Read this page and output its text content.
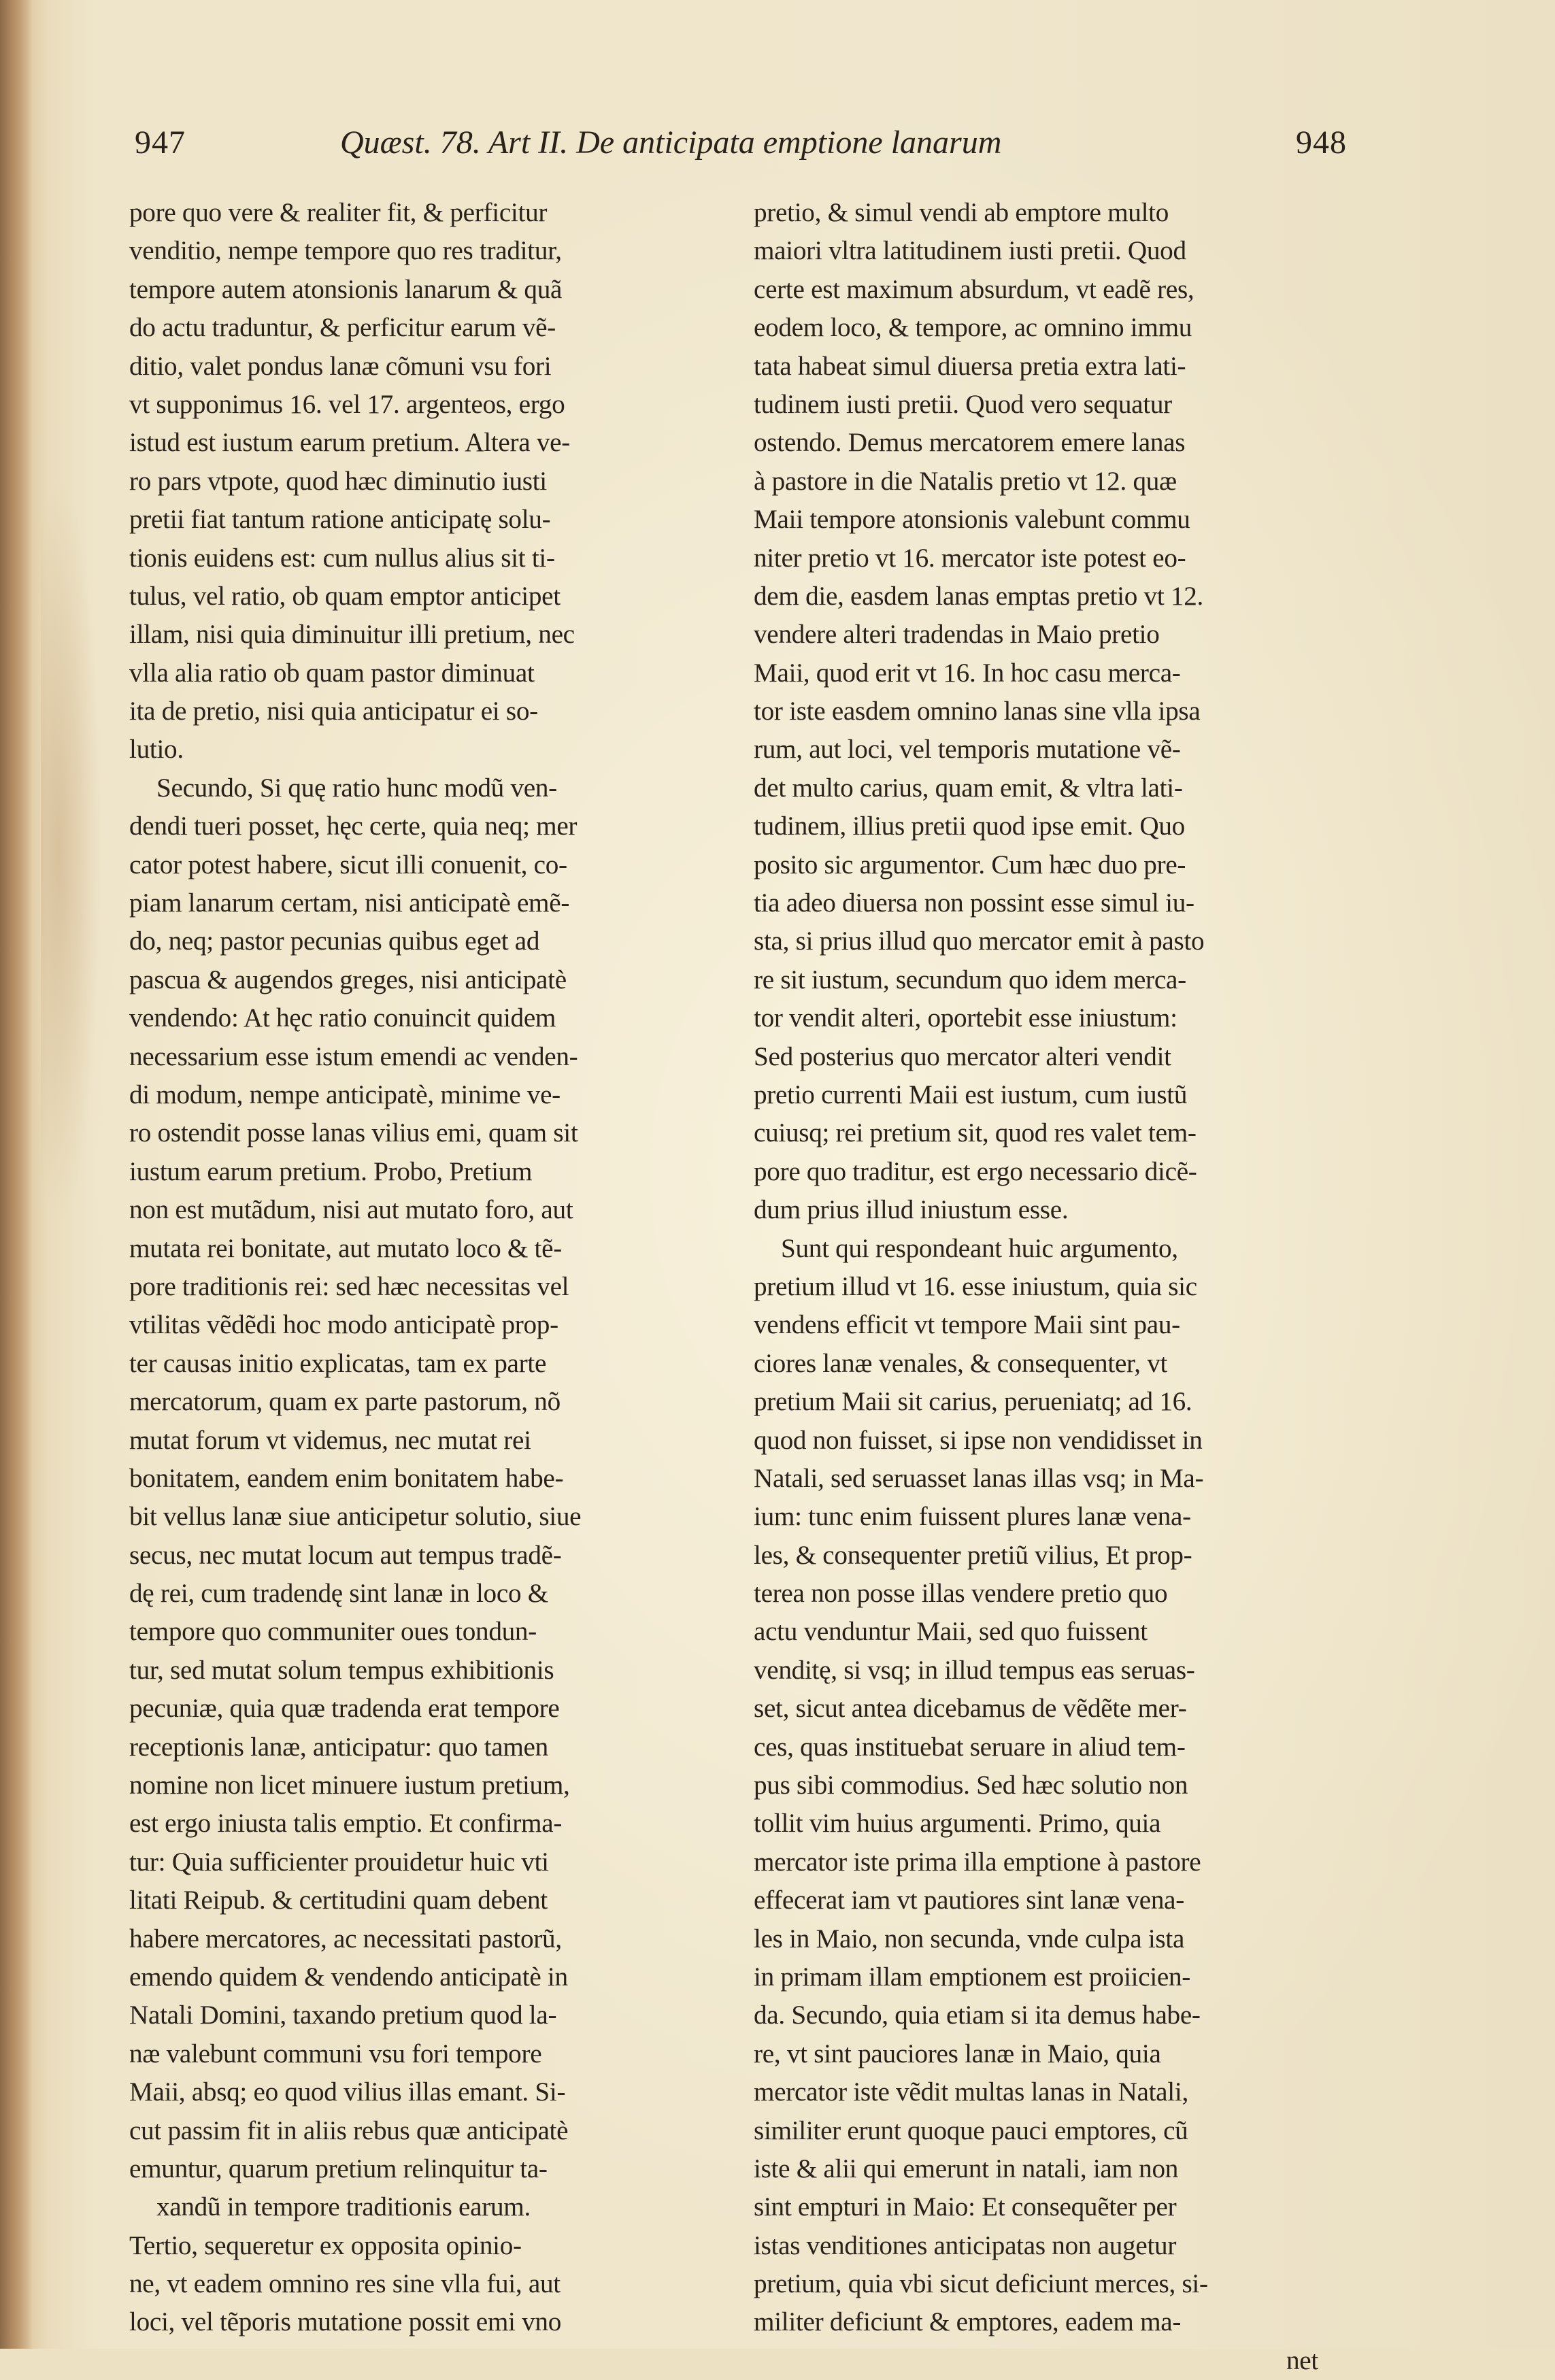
947	Quæst. 78. Art II. De anticipata emptione lanarum	948
pore quo vere & realiter fit, & perficitur
venditio, nempe tempore quo res traditur,
tempore autem atonsionis lanarum & quã
do actu traduntur, & perficitur earum vẽ-
ditio, valet pondus lanæ cõmuni vsu fori
vt supponimus 16. vel 17. argenteos, ergo
istud est iustum earum pretium. Altera ve-
ro pars vtpote, quod hæc diminutio iusti
pretii fiat tantum ratione anticipatę solu-
tionis euidens est: cum nullus alius sit ti-
tulus, vel ratio, ob quam emptor anticipet
illam, nisi quia diminuitur illi pretium, nec
vlla alia ratio ob quam pastor diminuat
ita de pretio, nisi quia anticipatur ei so-
lutio.
Secundo, Si quę ratio hunc modũ ven-
dendi tueri posset, hęc certe, quia neq; mer
cator potest habere, sicut illi conuenit, co-
piam lanarum certam, nisi anticipatè emẽ-
do, neq; pastor pecunias quibus eget ad
pascua & augendos greges, nisi anticipatè
vendendo: At hęc ratio conuincit quidem
necessarium esse istum emendi ac venden-
di modum, nempe anticipatè, minime ve-
ro ostendit posse lanas vilius emi, quam sit
iustum earum pretium. Probo, Pretium
non est mutãdum, nisi aut mutato foro, aut
mutata rei bonitate, aut mutato loco & tẽ-
pore traditionis rei: sed hæc necessitas vel
vtilitas vẽdẽdi hoc modo anticipatè prop-
ter causas initio explicatas, tam ex parte
mercatorum, quam ex parte pastorum, nõ
mutat forum vt videmus, nec mutat rei
bonitatem, eandem enim bonitatem habe-
bit vellus lanæ siue anticipetur solutio, siue
secus, nec mutat locum aut tempus tradẽ-
dę rei, cum tradendę sint lanæ in loco &
tempore quo communiter oues tondun-
tur, sed mutat solum tempus exhibitionis
pecuniæ, quia quæ tradenda erat tempore
receptionis lanæ, anticipatur: quo tamen
nomine non licet minuere iustum pretium,
est ergo iniusta talis emptio. Et confirma-
tur: Quia sufficienter prouidetur huic vti
litati Reipub. & certitudini quam debent
habere mercatores, ac necessitati pastorũ,
emendo quidem & vendendo anticipatè in
Natali Domini, taxando pretium quod la-
næ valebunt communi vsu fori tempore
Maii, absq; eo quod vilius illas emant. Si-
cut passim fit in aliis rebus quæ anticipatè
emuntur, quarum pretium relinquitur ta-
xandũ in tempore traditionis earum.
Tertio, sequeretur ex opposita opinio-
ne, vt eadem omnino res sine vlla fui, aut
loci, vel tẽporis mutatione possit emi vno
pretio, & simul vendi ab emptore multo
maiori vltra latitudinem iusti pretii. Quod
certe est maximum absurdum, vt eadẽ res,
eodem loco, & tempore, ac omnino immu
tata habeat simul diuersa pretia extra lati-
tudinem iusti pretii. Quod vero sequatur
ostendo. Demus mercatorem emere lanas
à pastore in die Natalis pretio vt 12. quæ
Maii tempore atonsionis valebunt commu
niter pretio vt 16. mercator iste potest eo-
dem die, easdem lanas emptas pretio vt 12.
vendere alteri tradendas in Maio pretio
Maii, quod erit vt 16. In hoc casu merca-
tor iste easdem omnino lanas sine vlla ipsa
rum, aut loci, vel temporis mutatione vẽ-
det multo carius, quam emit, & vltra lati-
tudinem, illius pretii quod ipse emit. Quo
posito sic argumentor. Cum hæc duo pre-
tia adeo diuersa non possint esse simul iu-
sta, si prius illud quo mercator emit à pasto
re sit iustum, secundum quo idem merca-
tor vendit alteri, oportebit esse iniustum:
Sed posterius quo mercator alteri vendit
pretio currenti Maii est iustum, cum iustũ
cuiusq; rei pretium sit, quod res valet tem-
pore quo traditur, est ergo necessario dicẽ-
dum prius illud iniustum esse.
Sunt qui respondeant huic argumento,
pretium illud vt 16. esse iniustum, quia sic
vendens efficit vt tempore Maii sint pau-
ciores lanæ venales, & consequenter, vt
pretium Maii sit carius, perueniatq; ad 16.
quod non fuisset, si ipse non vendidisset in
Natali, sed seruasset lanas illas vsq; in Ma-
ium: tunc enim fuissent plures lanæ vena-
les, & consequenter pretiũ vilius, Et prop-
terea non posse illas vendere pretio quo
actu venduntur Maii, sed quo fuissent
venditę, si vsq; in illud tempus eas seruas-
set, sicut antea dicebamus de vẽdẽte mer-
ces, quas instituebat seruare in aliud tem-
pus sibi commodius. Sed hæc solutio non
tollit vim huius argumenti. Primo, quia
mercator iste prima illa emptione à pastore
effecerat iam vt pautiores sint lanæ vena-
les in Maio, non secunda, vnde culpa ista
in primam illam emptionem est proiicien-
da. Secundo, quia etiam si ita demus habe-
re, vt sint pauciores lanæ in Maio, quia
mercator iste vẽdit multas lanas in Natali,
similiter erunt quoque pauci emptores, cũ
iste & alii qui emerunt in natali, iam non
sint empturi in Maio: Et consequẽter per
istas venditiones anticipatas non augetur
pretium, quia vbi sicut deficiunt merces, si-
militer deficiunt & emptores, eadem ma-
net
